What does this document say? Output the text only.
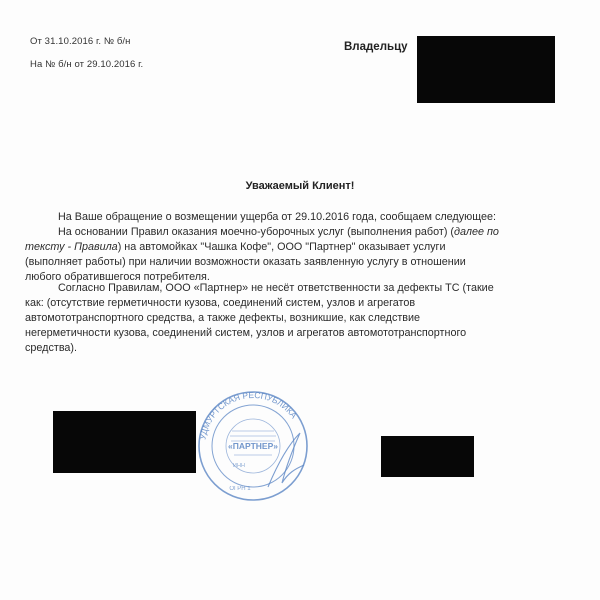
От 31.10.2016 г. № б/н
На № б/н от 29.10.2016 г.
Владельцу
Уважаемый Клиент!

На Ваше обращение о возмещении ущерба от 29.10.2016 года, сообщаем следующее:

На основании Правил оказания моечно-уборочных услуг (выполнения работ) (далее по

тексту - Правила) на автомойках "Чашка Кофе", ООО "Партнер" оказывает услуги

(выполняет работы) при наличии возможности оказать заявленную услугу в отношении

любого обратившегося потребителя.

Согласно Правилам, ООО «Партнер» не несёт ответственности за дефекты ТС (такие

как: (отсутствие герметичности кузова, соединений систем, узлов и агрегатов

автомототранспортного средства, а также дефекты, возникшие, как следствие

негерметичности кузова, соединений систем, узлов и агрегатов автомототранспортного

средства).

УДМУРТСКАЯ РЕСПУБЛИКА
«ПАРТНЕР»
ИНН
ОГРН 1
